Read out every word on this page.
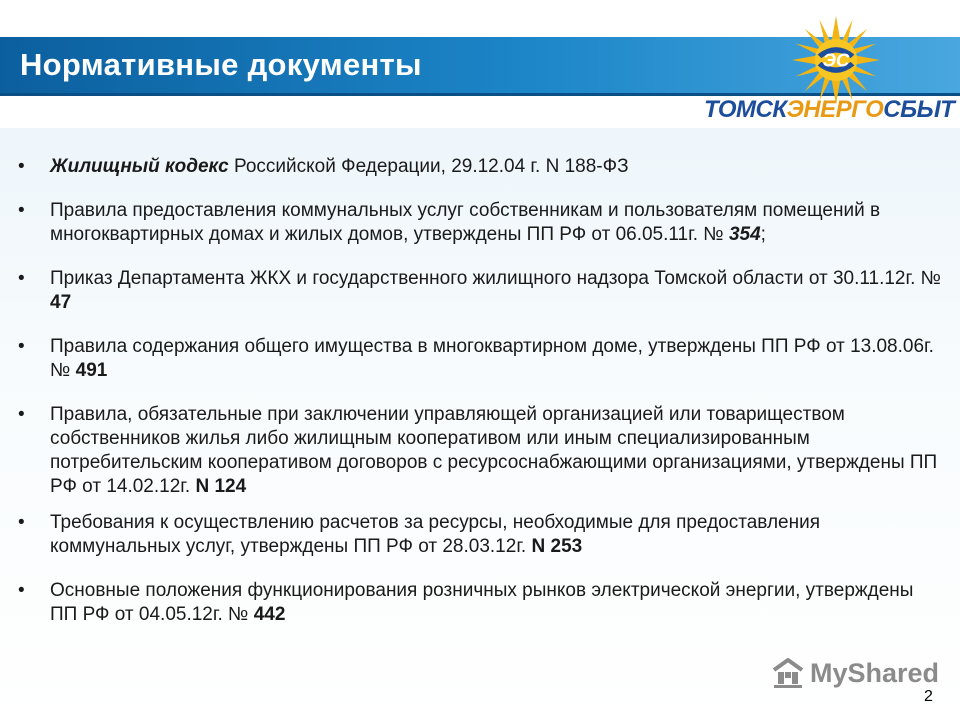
Нормативные документы	ЭС
ТОМСКЭНЕРГОСБЫТ
•	Жилищный кодекс Российской Федерации, 29.12.04 г. N 188-ФЗ
•	Правила предоставления коммунальных услуг собственникам и пользователям помещений в многоквартирных домах и жилых домов, утверждены ПП РФ от 06.05.11г. № 354;
•	Приказ Департамента ЖКХ и государственного жилищного надзора Томской области от 30.11.12г. № 47
•	Правила содержания общего имущества в многоквартирном доме, утверждены ПП РФ от 13.08.06г. № 491
•	Правила, обязательные при заключении управляющей организацией или товариществом собственников жилья либо жилищным кооперативом или иным специализированным потребительским кооперативом договоров с ресурсоснабжающими организациями, утверждены ПП РФ от 14.02.12г. N 124
•	Требования к осуществлению расчетов за ресурсы, необходимые для предоставления коммунальных услуг, утверждены ПП РФ от 28.03.12г. N 253
•	Основные положения функционирования розничных рынков электрической энергии, утверждены ПП РФ от 04.05.12г. № 442
MyShared
2
